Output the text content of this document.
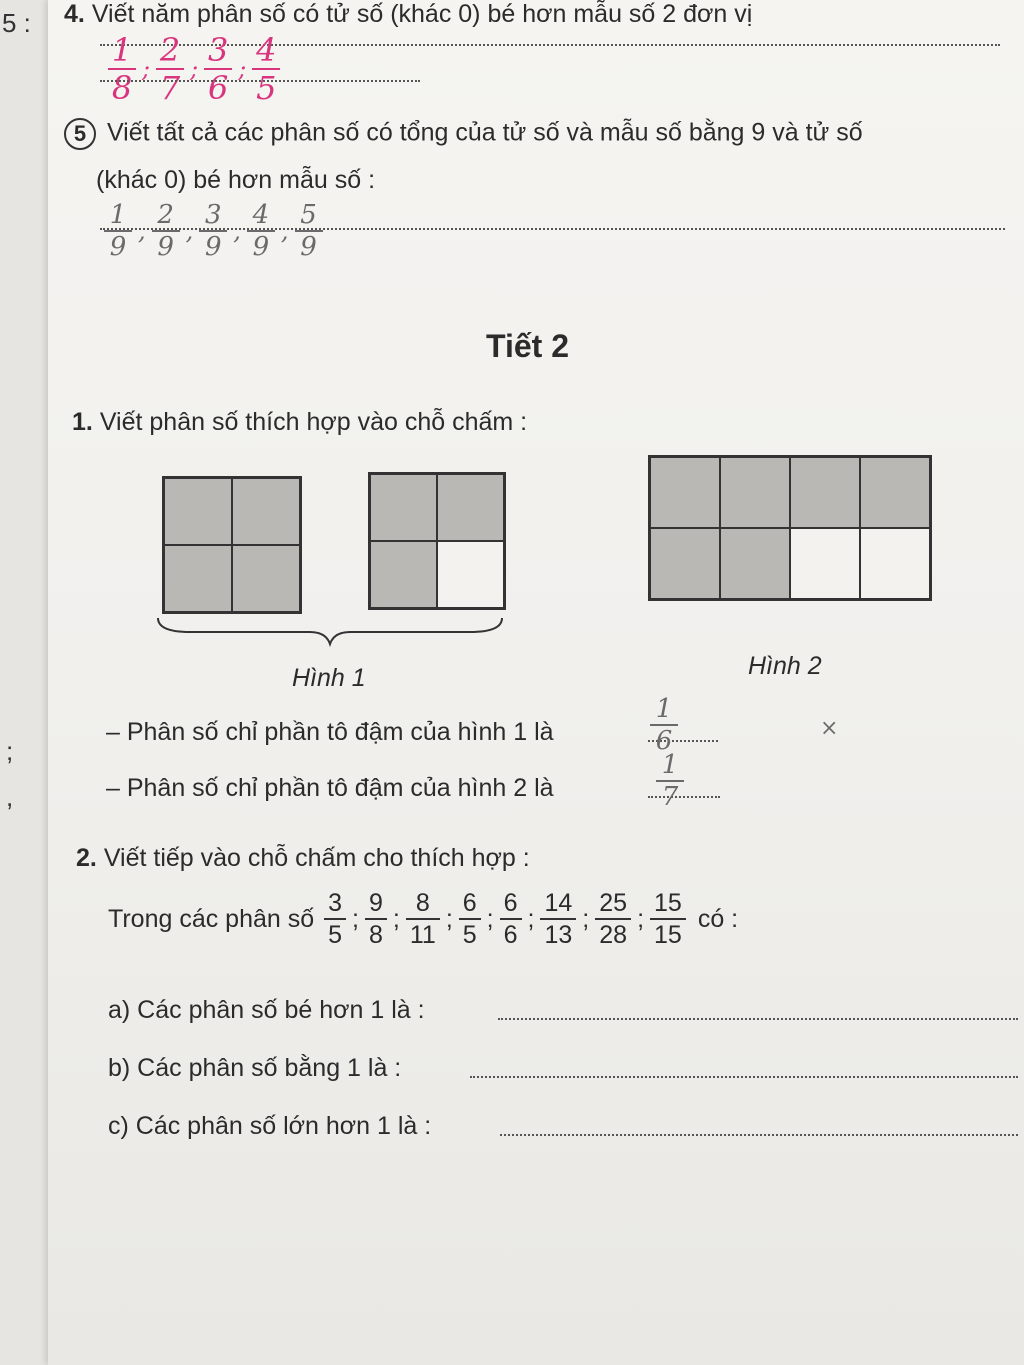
5 :
;
,
4. Viết năm phân số có tử số (khác 0) bé hơn mẫu số 2 đơn vị
$\frac{1}{8}$ ; $\frac{2}{7}$ ; $\frac{3}{6}$ ; $\frac{4}{5}$
5 Viết tất cả các phân số có tổng của tử số và mẫu số bằng 9 và tử số
(khác 0) bé hơn mẫu số :
$\frac{1}{9}$ , $\frac{2}{9}$ , $\frac{3}{9}$ , $\frac{4}{9}$ , $\frac{5}{9}$
Tiết 2
1. Viết phân số thích hợp vào chỗ chấm :
Hình 1	Hình 2
– Phân số chỉ phần tô đậm của hình 1 là	$\frac{1}{6}$	×
– Phân số chỉ phần tô đậm của hình 2 là	$\frac{1}{7}$
2. Viết tiếp vào chỗ chấm cho thích hợp :
Trong các phân số $\frac{3}{5}$ ; $\frac{9}{8}$ ; $\frac{8}{11}$ ; $\frac{6}{5}$ ; $\frac{6}{6}$ ; $\frac{14}{13}$ ; $\frac{25}{28}$ ; $\frac{15}{15}$ có :
a) Các phân số bé hơn 1 là :
b) Các phân số bằng 1 là :
c) Các phân số lớn hơn 1 là :
